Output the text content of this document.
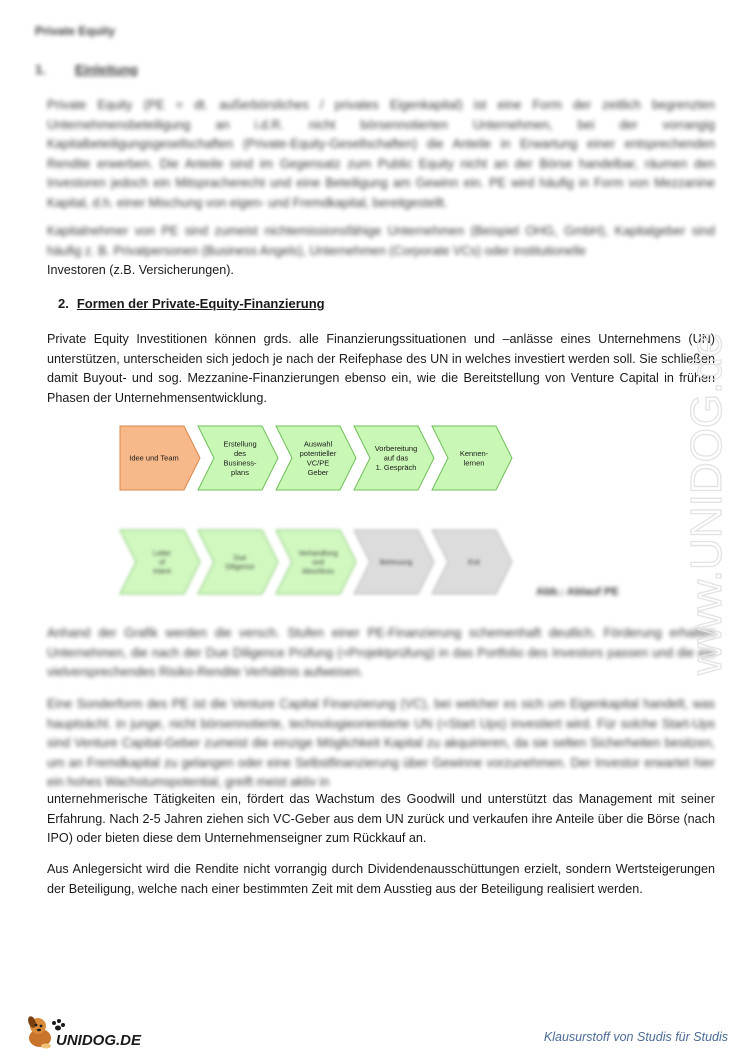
Private Equity
1. Einleitung

Private Equity (PE = dt. außerbörsliches / privates Eigenkapital) ist eine Form der zeitlich begrenzten Unternehmensbeteiligung an i.d.R. nicht börsennotierten Unternehmen, bei der vorrangig Kapitalbeteiligungsgesellschaften (Private-Equity-Gesellschaften) die Anteile in Erwartung einer entsprechenden Rendite erwerben. Die Anteile sind im Gegensatz zum Public Equity nicht an der Börse handelbar, räumen den Investoren jedoch ein Mitspracherecht und eine Beteiligung am Gewinn ein. PE wird häufig in Form von Mezzanine Kapital, d.h. einer Mischung von eigen- und Fremdkapital, bereitgestellt.

Kapitalnehmer von PE sind zumeist nichtemissionsfähige Unternehmen (Beispiel OHG, GmbH), Kapitalgeber sind häufig z. B. Privatpersonen (Business Angels), Unternehmen (Corporate VCs) oder institutionelle

Investoren (z.B. Versicherungen).

2. Formen der Private-Equity-Finanzierung

Private Equity Investitionen können grds. alle Finanzierungssituationen und –anlässe eines Unternehmens (UN) unterstützen, unterscheiden sich jedoch je nach der Reifephase des UN in welches investiert werden soll. Sie schließen damit Buyout- und sog. Mezzanine-Finanzierungen ebenso ein, wie die Bereitstellung von Venture Capital in frühen Phasen der Unternehmensentwicklung.

Idee und Team
Erstellung des Business-plans
Auswahl potentieller VC/PE Geber
Vorbereitung auf das 1. Gespräch
Kennen-lernen
Letter of Intent
Due Diligence
Verhandlung und Abschluss
Betreuung	Exit
Abb.: Ablauf PE

Anhand der Grafik werden die versch. Stufen einer PE-Finanzierung schemenhaft deutlich. Förderung erhalten Unternehmen, die nach der Due Diligence Prüfung (=Projektprüfung) in das Portfolio des Investors passen und die ein vielversprechendes Risiko-Rendite Verhältnis aufweisen.

Eine Sonderform des PE ist die Venture Capital Finanzierung (VC), bei welcher es sich um Eigenkapital handelt, was hauptsächl. in junge, nicht börsennotierte, technologieorientierte UN (=Start Ups) investiert wird. Für solche Start-Ups sind Venture Capital-Geber zumeist die einzige Möglichkeit Kapital zu akquirieren, da sie selten Sicherheiten besitzen, um an Fremdkapital zu gelangen oder eine Selbstfinanzierung über Gewinne vorzunehmen. Der Investor erwartet hier ein hohes Wachstumspotential, greift meist aktiv in

unternehmerische Tätigkeiten ein, fördert das Wachstum des Goodwill und unterstützt das Management mit seiner Erfahrung. Nach 2-5 Jahren ziehen sich VC-Geber aus dem UN zurück und verkaufen ihre Anteile über die Börse (nach IPO) oder bieten diese dem Unternehmenseigner zum Rückkauf an.

Aus Anlegersicht wird die Rendite nicht vorrangig durch Dividendenausschüttungen erzielt, sondern Wertsteigerungen der Beteiligung, welche nach einer bestimmten Zeit mit dem Ausstieg aus der Beteiligung realisiert werden.

www.UNIDOG.de
UNIDOG.DE	Klausurstoff von Studis für Studis
